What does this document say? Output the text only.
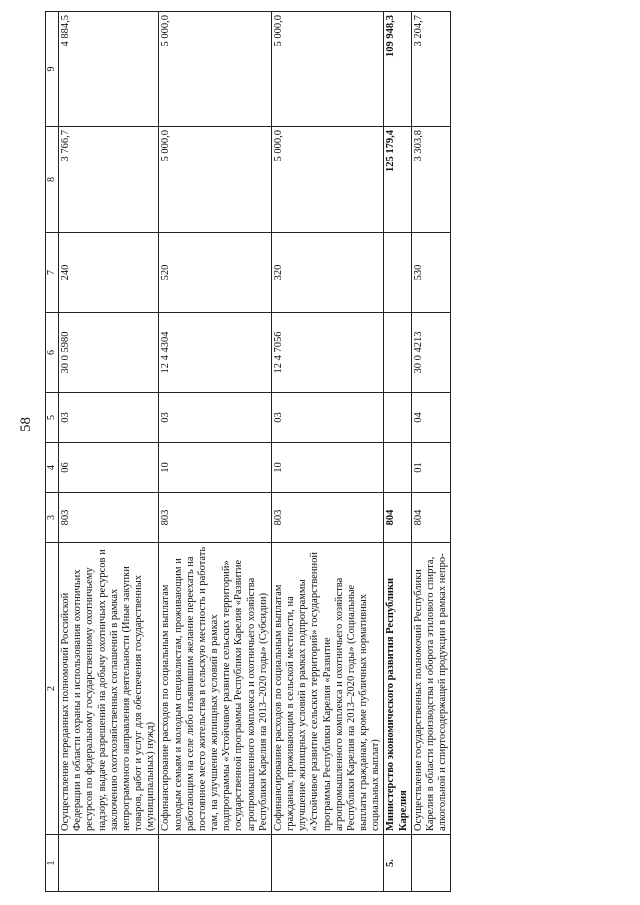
58
1	2	3	4	5	6	7	8	9
	Осуществление переданных полномочий Российской Федерации в области охраны и использования охотничьих ресурсов по федеральному государственному охотничьему надзору, выдаче разрешений на добычу охотничьих ресурсов и заключению охотхозяйственных соглашений в рамках непрограммного направления деятельности (Иные закупки товаров, работ и услуг для обеспечения государственных (муниципальных) нужд)	803	06	03	30 0 5980	240	3 766,7	4 884,5
	Софинансирование расходов по социальным выплатам молодым семьям и молодым специалистам, проживающим и работающим на селе либо изъявившим желание переехать на постоянное место жительства в сельскую местность и работать там, на улучшение жилищных условий в рамках подпрограммы «Устойчивое развитие сельских территорий» государственной программы Республики Карелия «Развитие агропромышленного комплекса и охотничьего хозяйства Республики Карелия на 2013–2020 годы» (Субсидии)	803	10	03	12 4 4304	520	5 000,0	5 000,0
	Софинансирование расходов по социальным выплатам гражданам, проживающим в сельской местности, на улучшение жилищных условий в рамках подпрограммы «Устойчивое развитие сельских территорий» государственной программы Республики Карелия «Развитие агропромышленного комплекса и охотничьего хозяйства Республики Карелия на 2013–2020 годы» (Социальные выплаты гражданам, кроме публичных нормативных социальных выплат)	803	10	03	12 4 7056	320	5 000,0	5 000,0
5.	Министерство экономического развития Республики Карелия	804					125 179,4	109 948,3
	Осуществление государственных полномочий Республики Карелия в области производства и оборота этилового спирта, алкогольной и спиртосодержащей продукции в рамках непро-	804	01	04	30 0 4213	530	3 303,8	3 204,7
